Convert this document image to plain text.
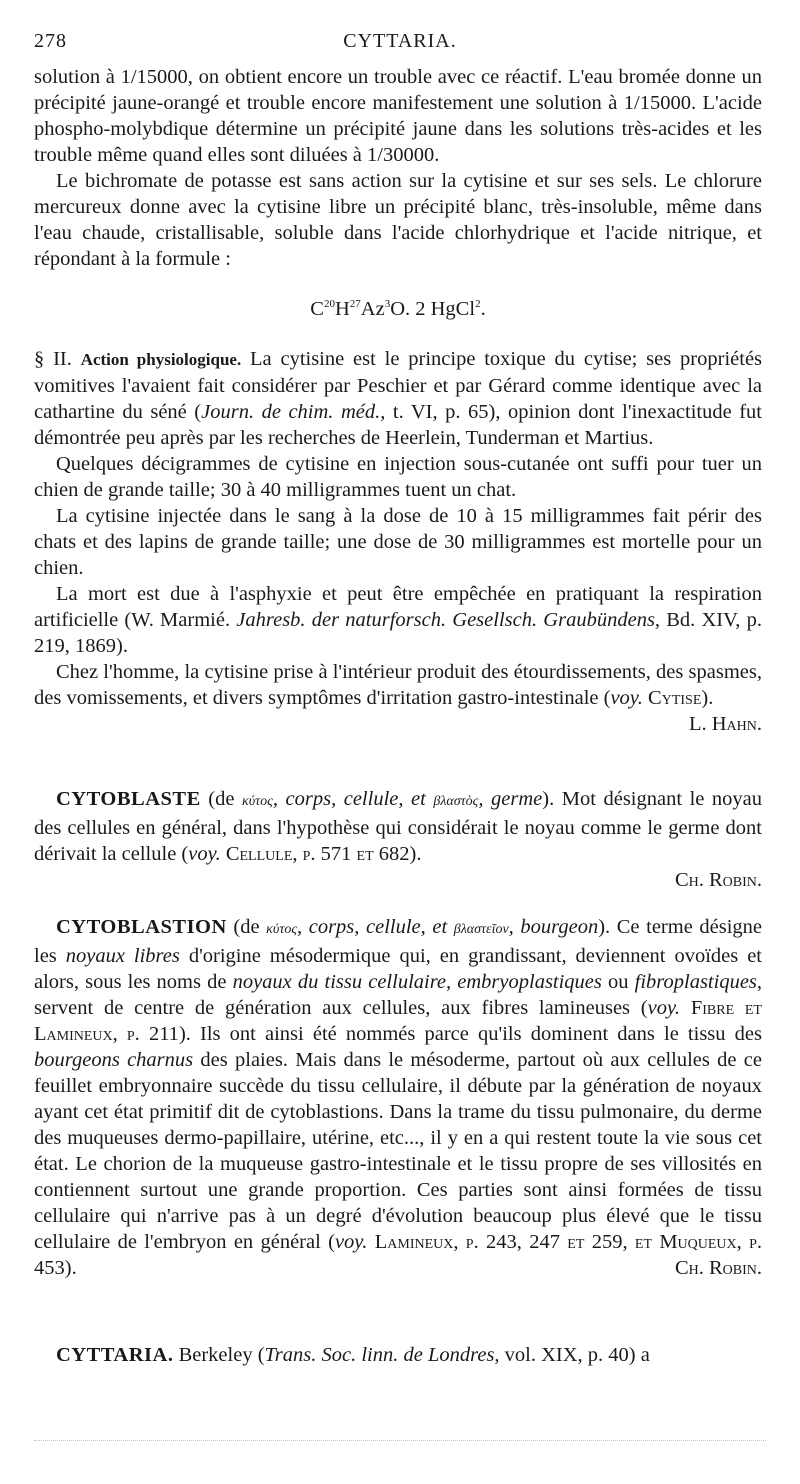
278	CYTTARIA.

solution à 1/15000, on obtient encore un trouble avec ce réactif. L'eau bromée donne un précipité jaune-orangé et trouble encore manifestement une solution à 1/15000. L'acide phospho-molybdique détermine un précipité jaune dans les solutions très-acides et les trouble même quand elles sont diluées à 1/30000.

Le bichromate de potasse est sans action sur la cytisine et sur ses sels. Le chlorure mercureux donne avec la cytisine libre un précipité blanc, très-insoluble, même dans l'eau chaude, cristallisable, soluble dans l'acide chlorhydrique et l'acide nitrique, et répondant à la formule :

$C^{20}H^{27}Az^3O$. 2 HgCl$^2$.

§ II. Action physiologique. La cytisine est le principe toxique du cytise; ses propriétés vomitives l'avaient fait considérer par Peschier et par Gérard comme identique avec la cathartine du séné (Journ. de chim. méd., t. VI, p. 65), opinion dont l'inexactitude fut démontrée peu après par les recherches de Heerlein, Tunderman et Martius.

Quelques décigrammes de cytisine en injection sous-cutanée ont suffi pour tuer un chien de grande taille; 30 à 40 milligrammes tuent un chat.

La cytisine injectée dans le sang à la dose de 10 à 15 milligrammes fait périr des chats et des lapins de grande taille; une dose de 30 milligrammes est mortelle pour un chien.

La mort est due à l'asphyxie et peut être empêchée en pratiquant la respiration artificielle (W. Marmié. Jahresb. der naturforsch. Gesellsch. Graubündens, Bd. XIV, p. 219, 1869).

Chez l'homme, la cytisine prise à l'intérieur produit des étourdissements, des spasmes, des vomissements, et divers symptômes d'irritation gastro-intestinale (voy. Cytise).
L. Hahn.

CYTOBLASTE (de κύτος, corps, cellule, et βλαστὸς, germe). Mot désignant le noyau des cellules en général, dans l'hypothèse qui considérait le noyau comme le germe dont dérivait la cellule (voy. Cellule, p. 571 et 682).

Ch. Robin.

CYTOBLASTION (de κύτος, corps, cellule, et βλαστεῖον, bourgeon). Ce terme désigne les noyaux libres d'origine mésodermique qui, en grandissant, deviennent ovoïdes et alors, sous les noms de noyaux du tissu cellulaire, embryoplastiques ou fibroplastiques, servent de centre de génération aux cellules, aux fibres lamineuses (voy. Fibre et Lamineux, p. 211). Ils ont ainsi été nommés parce qu'ils dominent dans le tissu des bourgeons charnus des plaies. Mais dans le mésoderme, partout où aux cellules de ce feuillet embryonnaire succède du tissu cellulaire, il débute par la génération de noyaux ayant cet état primitif dit de cytoblastions. Dans la trame du tissu pulmonaire, du derme des muqueuses dermo-papillaire, utérine, etc..., il y en a qui restent toute la vie sous cet état. Le chorion de la muqueuse gastro-intestinale et le tissu propre de ses villosités en contiennent surtout une grande proportion. Ces parties sont ainsi formées de tissu cellulaire qui n'arrive pas à un degré d'évolution beaucoup plus élevé que le tissu cellulaire de l'embryon en général (voy. Lamineux, p. 243, 247 et 259, et Muqueux, p. 453).	Ch. Robin.

CYTTARIA. Berkeley (Trans. Soc. linn. de Londres, vol. XIX, p. 40) a
